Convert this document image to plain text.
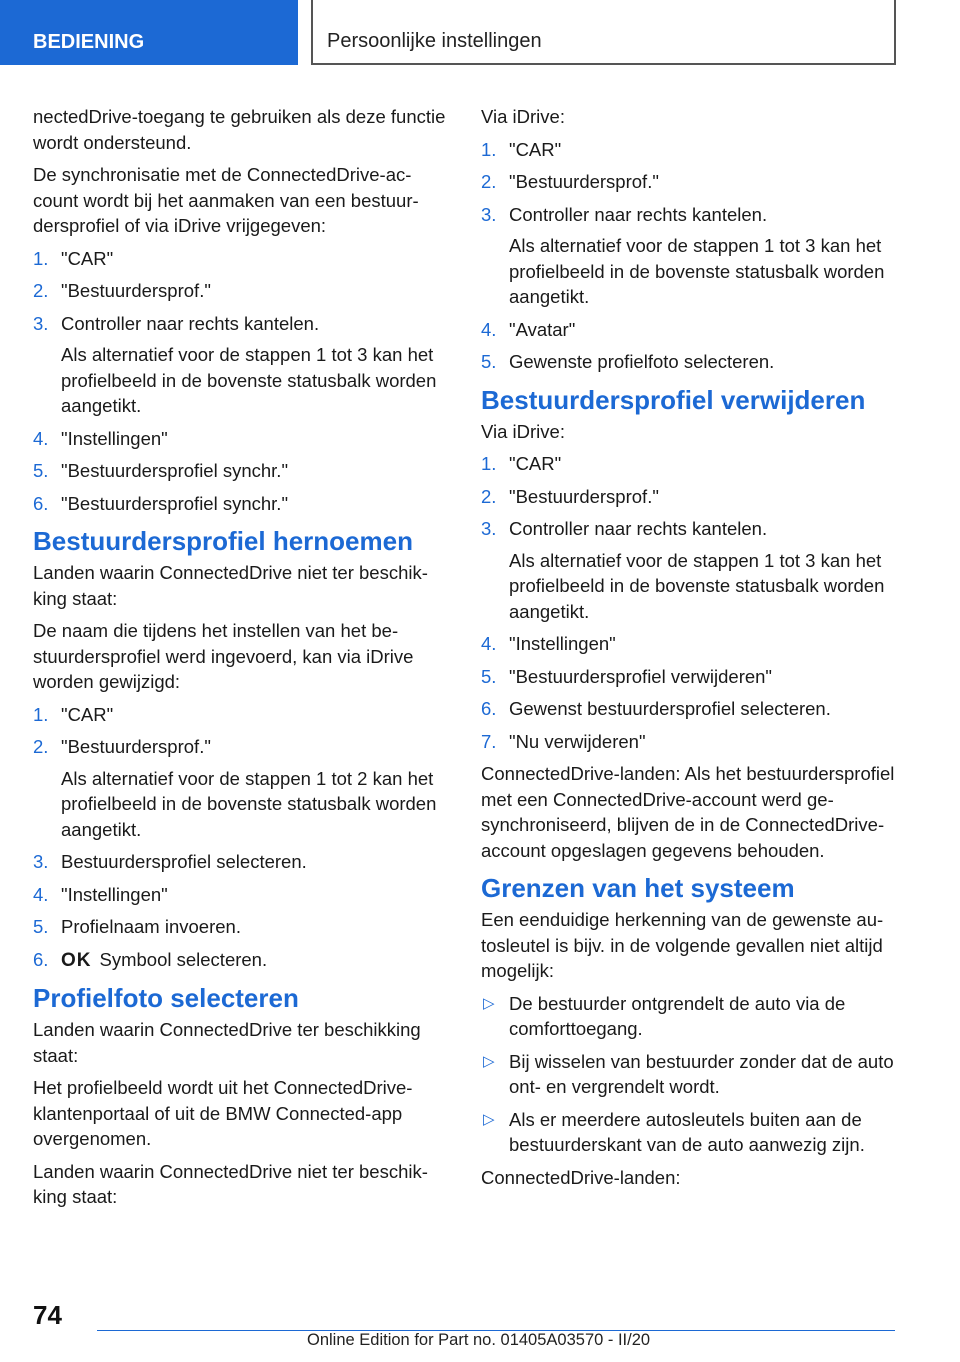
BEDIENING	Persoonlijke instellingen

nectedDrive-toegang te gebruiken als deze functie wordt ondersteund.

De synchronisatie met de ConnectedDrive-account wordt bij het aanmaken van een bestuurdersprofiel of via iDrive vrijgegeven:

1. "CAR"
2. "Bestuurdersprof."
3. Controller naar rechts kantelen.
Als alternatief voor de stappen 1 tot 3 kan het profielbeeld in de bovenste statusbalk worden aangetikt.
4. "Instellingen"
5. "Bestuurdersprofiel synchr."
6. "Bestuurdersprofiel synchr."
Bestuurdersprofiel hernoemen

Landen waarin ConnectedDrive niet ter beschikking staat:

De naam die tijdens het instellen van het bestuurdersprofiel werd ingevoerd, kan via iDrive worden gewijzigd:

1. "CAR"
2. "Bestuurdersprof."
Als alternatief voor de stappen 1 tot 2 kan het profielbeeld in de bovenste statusbalk worden aangetikt.
3. Bestuurdersprofiel selecteren.
4. "Instellingen"
5. Profielnaam invoeren.
6. OK Symbool selecteren.
Profielfoto selecteren

Landen waarin ConnectedDrive ter beschikking staat:

Het profielbeeld wordt uit het ConnectedDrive-klantenportaal of uit de BMW Connected-app overgenomen.

Landen waarin ConnectedDrive niet ter beschikking staat:

Via iDrive:

1. "CAR"
2. "Bestuurdersprof."
3. Controller naar rechts kantelen.
Als alternatief voor de stappen 1 tot 3 kan het profielbeeld in de bovenste statusbalk worden aangetikt.
4. "Avatar"
5. Gewenste profielfoto selecteren.
Bestuurdersprofiel verwijderen

Via iDrive:

1. "CAR"
2. "Bestuurdersprof."
3. Controller naar rechts kantelen.
Als alternatief voor de stappen 1 tot 3 kan het profielbeeld in de bovenste statusbalk worden aangetikt.
4. "Instellingen"
5. "Bestuurdersprofiel verwijderen"
6. Gewenst bestuurdersprofiel selecteren.
7. "Nu verwijderen"

ConnectedDrive-landen: Als het bestuurdersprofiel met een ConnectedDrive-account werd gesynchroniseerd, blijven de in de ConnectedDrive-account opgeslagen gegevens behouden.

Grenzen van het systeem

Een eenduidige herkenning van de gewenste autosleutel is bijv. in de volgende gevallen niet altijd mogelijk:

▷ De bestuurder ontgrendelt de auto via de comforttoegang.
▷ Bij wisselen van bestuurder zonder dat de auto ont- en vergrendelt wordt.
▷ Als er meerdere autosleutels buiten aan de bestuurderskant van de auto aanwezig zijn.

ConnectedDrive-landen:

74
Online Edition for Part no. 01405A03570 - II/20
